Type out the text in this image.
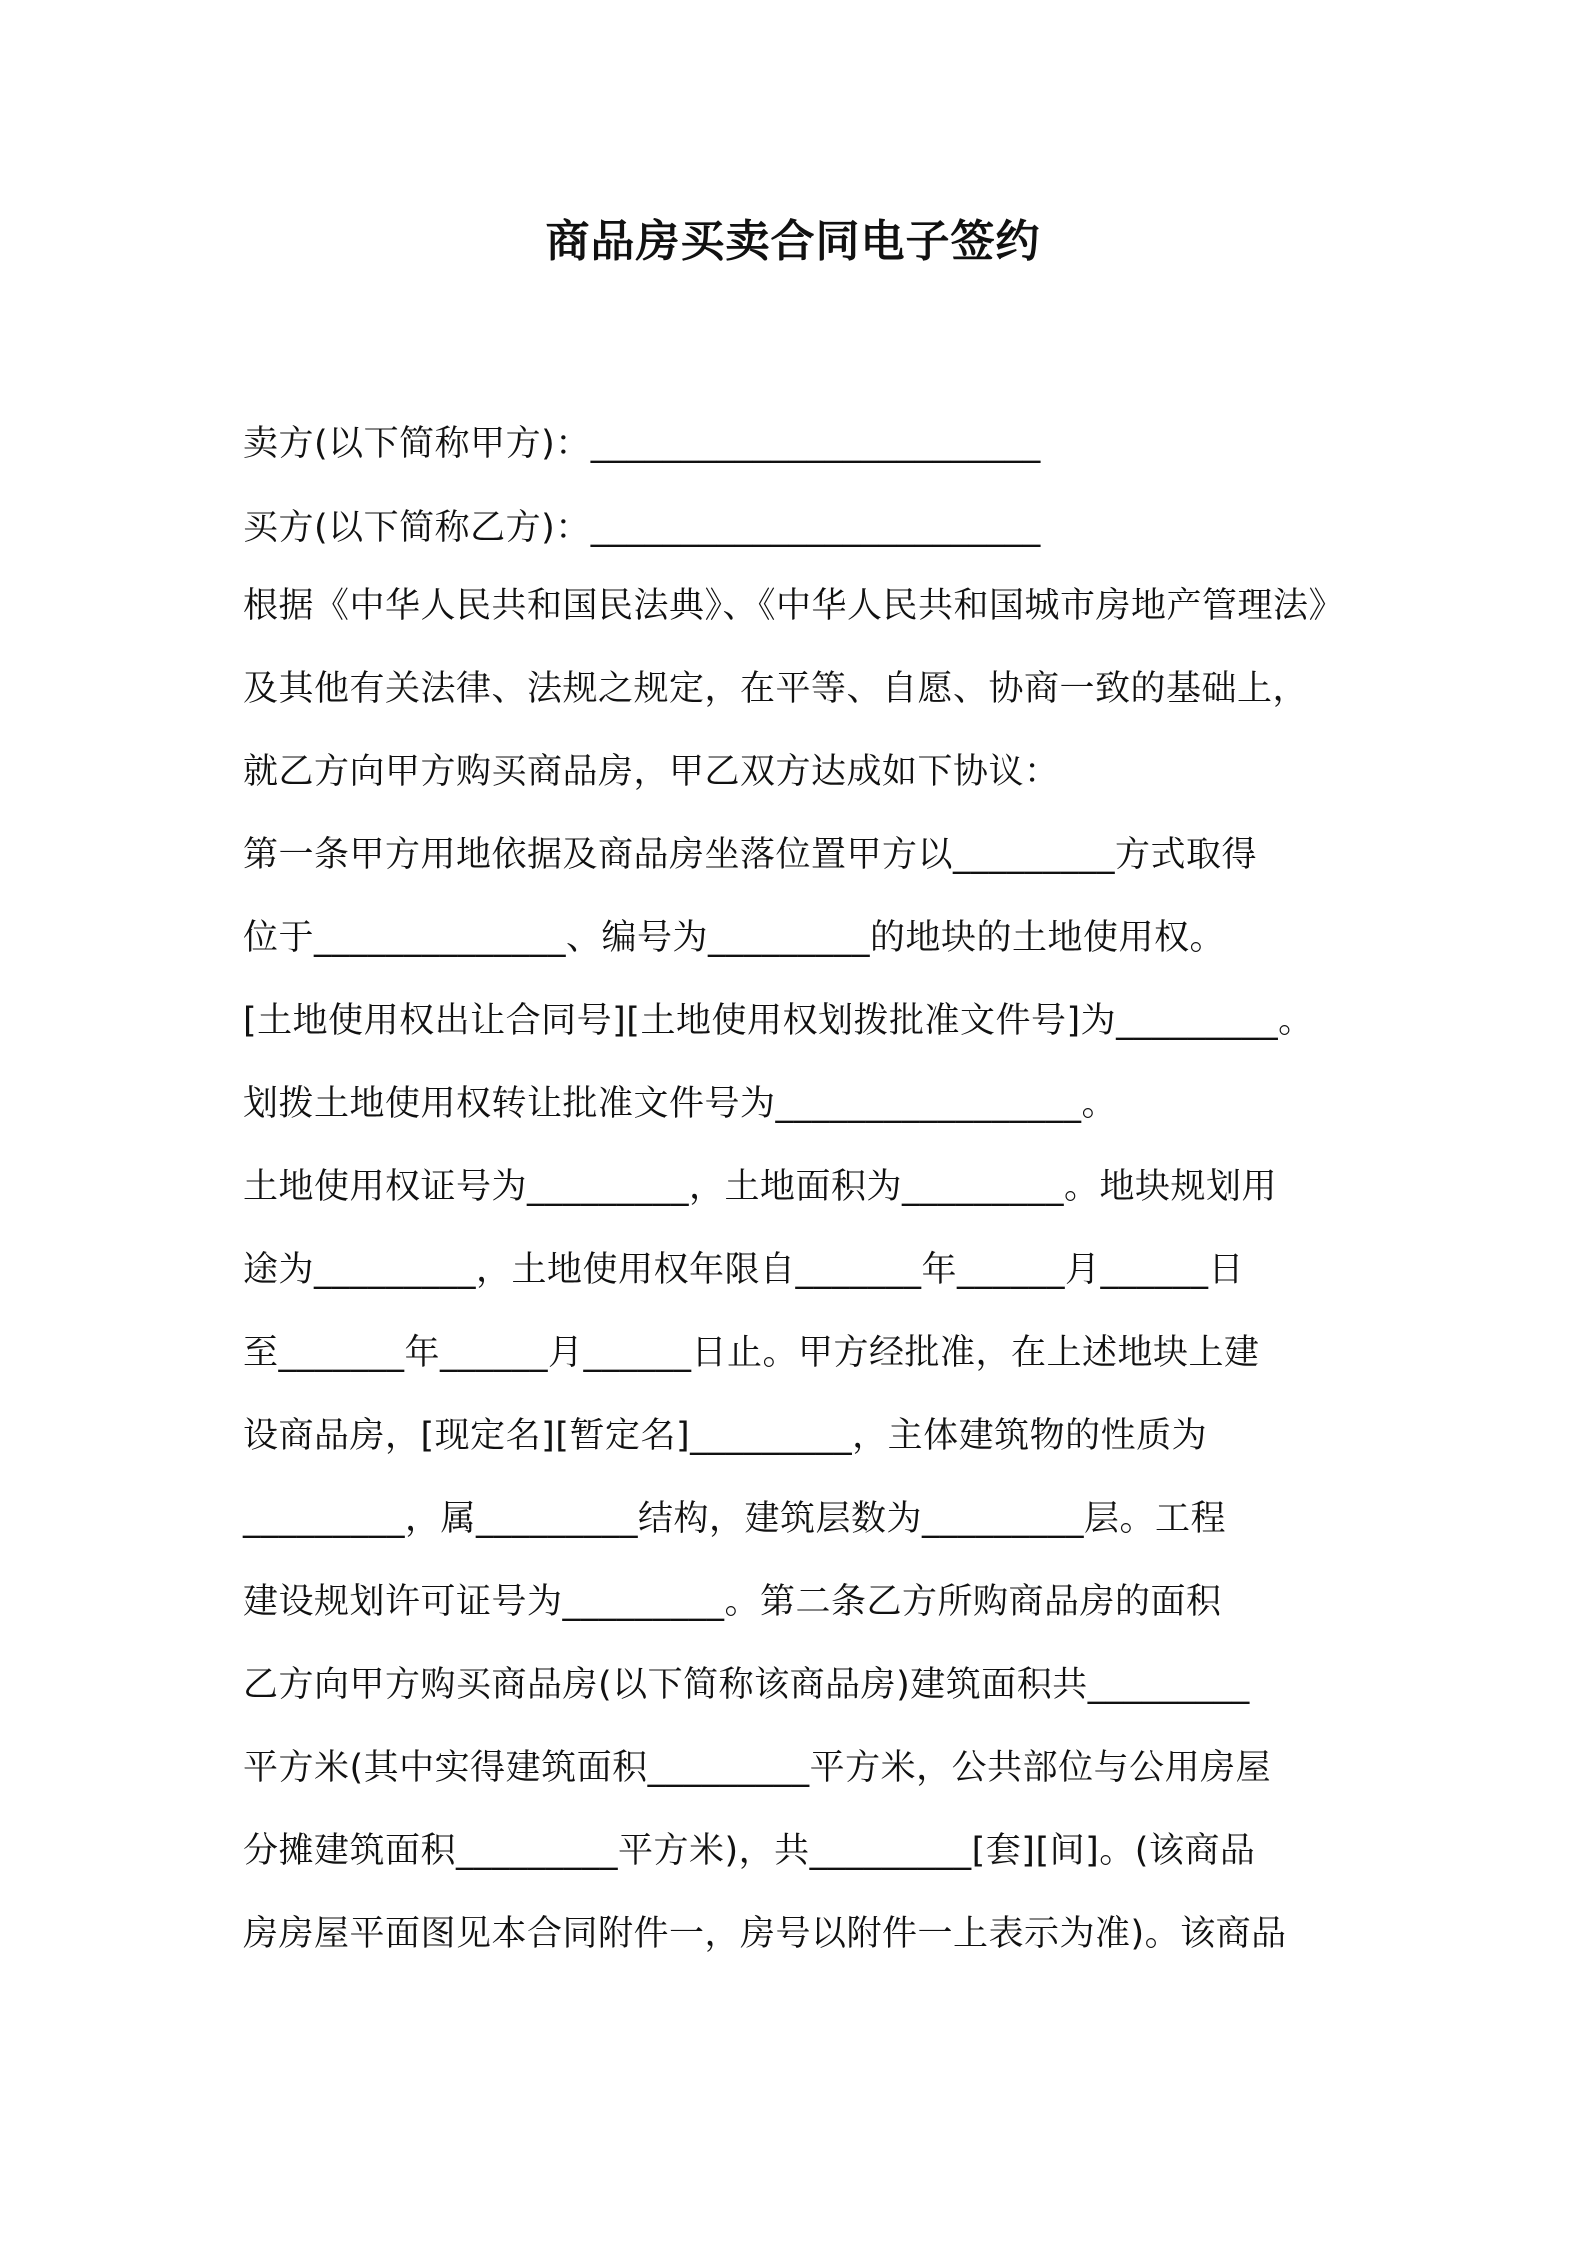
商品房买卖合同电子签约
卖方(以下简称甲方)：_________________________
买方(以下简称乙方)：_________________________
根据《中华人民共和国民法典》、《中华人民共和国城市房地产管理法》
及其他有关法律、法规之规定，在平等、自愿、协商一致的基础上，
就乙方向甲方购买商品房，甲乙双方达成如下协议：
第一条甲方用地依据及商品房坐落位置甲方以_________方式取得
位于______________、编号为_________的地块的土地使用权。
[土地使用权出让合同号][土地使用权划拨批准文件号]为_________。
划拨土地使用权转让批准文件号为_________________。
土地使用权证号为_________，土地面积为_________。地块规划用
途为_________，土地使用权年限自_______年______月______日
至_______年______月______日止。甲方经批准，在上述地块上建
设商品房，[现定名][暂定名]_________，主体建筑物的性质为
_________，属_________结构，建筑层数为_________层。工程
建设规划许可证号为_________。第二条乙方所购商品房的面积
乙方向甲方购买商品房(以下简称该商品房)建筑面积共_________
平方米(其中实得建筑面积_________平方米，公共部位与公用房屋
分摊建筑面积_________平方米)，共_________[套][间]。(该商品
房房屋平面图见本合同附件一，房号以附件一上表示为准)。该商品
